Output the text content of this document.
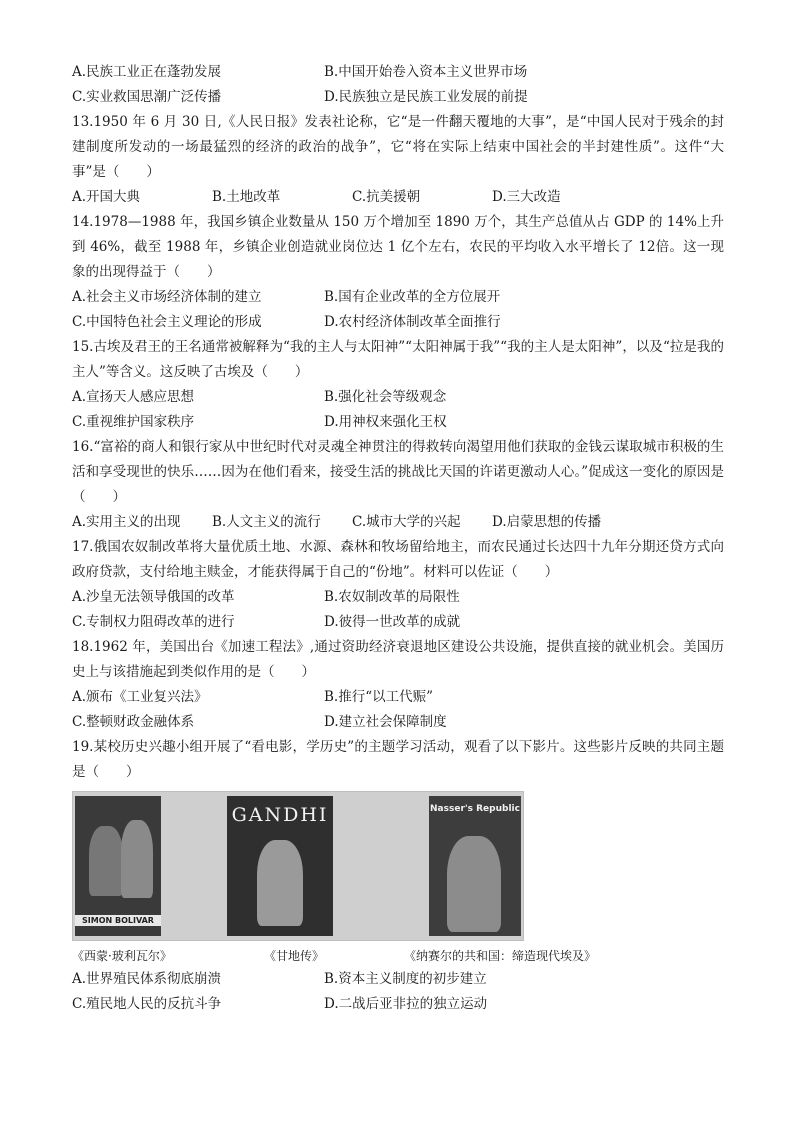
A.民族工业正在蓬勃发展	B.中国开始卷入资本主义世界市场
C.实业救国思潮广泛传播	D.民族独立是民族工业发展的前提
13.1950 年 6 月 30 日,《人民日报》发表社论称，它“是一件翻天覆地的大事”，是“中国人民对于残余的封建制度所发动的一场最猛烈的经济的政治的战争”，它“将在实际上结束中国社会的半封建性质”。这件“大事”是（　　）
A.开国大典	B.土地改革	C.抗美援朝	D.三大改造
14.1978—1988 年，我国乡镇企业数量从 150 万个增加至 1890 万个，其生产总值从占 GDP 的 14%上升到 46%，截至 1988 年，乡镇企业创造就业岗位达 1 亿个左右，农民的平均收入水平增长了 12倍。这一现象的出现得益于（　　）
A.社会主义市场经济体制的建立	B.国有企业改革的全方位展开
C.中国特色社会主义理论的形成	D.农村经济体制改革全面推行
15.古埃及君王的王名通常被解释为“我的主人与太阳神”“太阳神属于我”“我的主人是太阳神”，以及“拉是我的主人”等含义。这反映了古埃及（　　）
A.宣扬天人感应思想	B.强化社会等级观念
C.重视维护国家秩序	D.用神权来强化王权
16.“富裕的商人和银行家从中世纪时代对灵魂全神贯注的得救转向渴望用他们获取的金钱云谋取城市积极的生活和享受现世的快乐……因为在他们看来，接受生活的挑战比天国的许诺更激动人心。”促成这一变化的原因是（　　）
A.实用主义的出现	B.人文主义的流行	C.城市大学的兴起	D.启蒙思想的传播
17.俄国农奴制改革将大量优质土地、水源、森林和牧场留给地主，而农民通过长达四十九年分期还贷方式向政府贷款，支付给地主赎金，才能获得属于自己的“份地”。材料可以佐证（　　）
A.沙皇无法领导俄国的改革	B.农奴制改革的局限性
C.专制权力阻碍改革的进行	D.彼得一世改革的成就
18.1962 年，美国出台《加速工程法》,通过资助经济衰退地区建设公共设施，提供直接的就业机会。美国历史上与该措施起到类似作用的是（　　）
A.颁布《工业复兴法》	B.推行“以工代赈”
C.整顿财政金融体系	D.建立社会保障制度
19.某校历史兴趣小组开展了“看电影，学历史”的主题学习活动，观看了以下影片。这些影片反映的共同主题是（　　）
SIMON BOLIVAR
GANDHI	Nasser's Republic
《西蒙·玻利瓦尔》	《甘地传》	《纳赛尔的共和国：缔造现代埃及》
A.世界殖民体系彻底崩溃	B.资本主义制度的初步建立
C.殖民地人民的反抗斗争	D.二战后亚非拉的独立运动
